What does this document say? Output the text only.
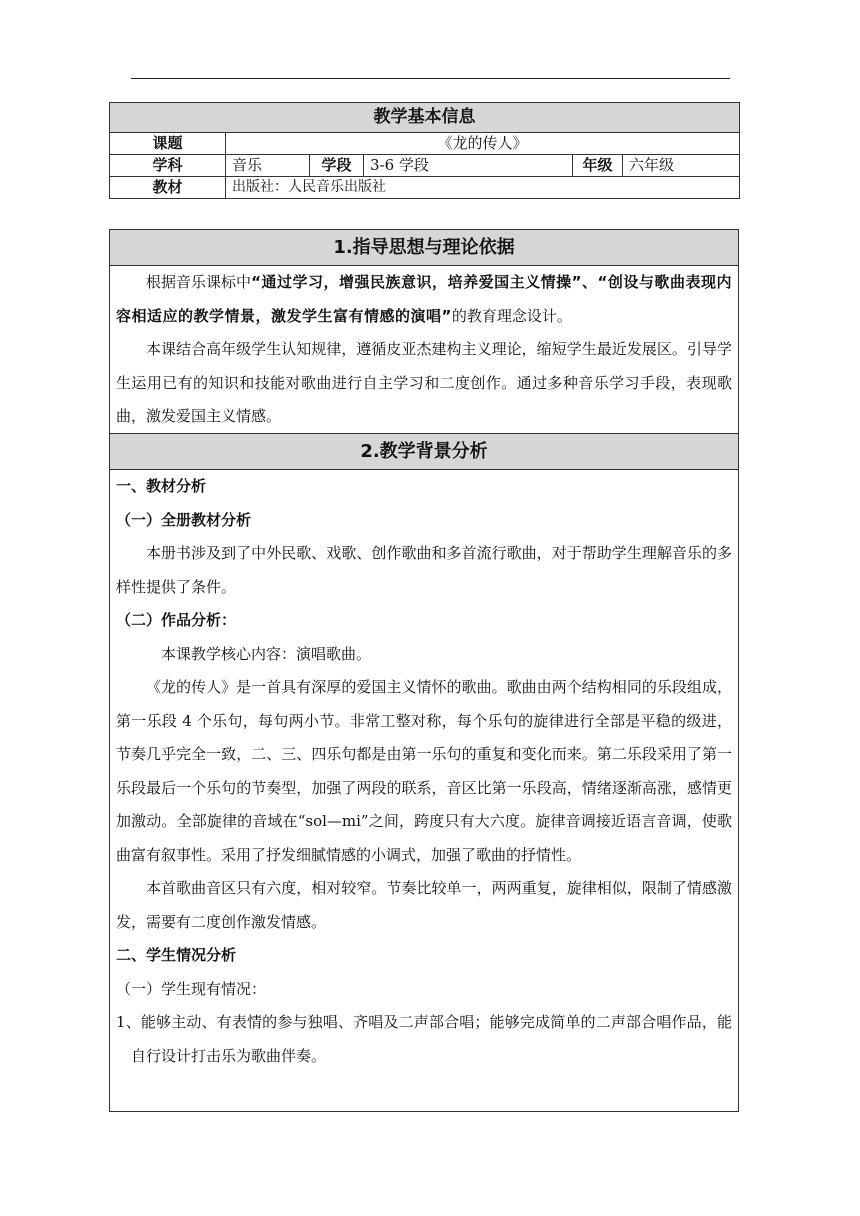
教学基本信息					
课题	《龙的传人》				
学科	音乐	学段	3-6 学段	年级	六年级
教材	出版社：人民音乐出版社				
1.指导思想与理论依据

根据音乐课标中“通过学习，增强民族意识，培养爱国主义情操”、“创设与歌曲表现内容相适应的教学情景，激发学生富有情感的演唱”的教育理念设计。

本课结合高年级学生认知规律，遵循皮亚杰建构主义理论，缩短学生最近发展区。引导学生运用已有的知识和技能对歌曲进行自主学习和二度创作。通过多种音乐学习手段，表现歌曲，激发爱国主义情感。

2.教学背景分析

一、教材分析

（一）全册教材分析

本册书涉及到了中外民歌、戏歌、创作歌曲和多首流行歌曲，对于帮助学生理解音乐的多样性提供了条件。

（二）作品分析：

本课教学核心内容：演唱歌曲。

《龙的传人》是一首具有深厚的爱国主义情怀的歌曲。歌曲由两个结构相同的乐段组成，第一乐段 4 个乐句，每句两小节。非常工整对称，每个乐句的旋律进行全部是平稳的级进，节奏几乎完全一致，二、三、四乐句都是由第一乐句的重复和变化而来。第二乐段采用了第一乐段最后一个乐句的节奏型，加强了两段的联系，音区比第一乐段高，情绪逐渐高涨，感情更加激动。全部旋律的音域在“sol—mi”之间，跨度只有大六度。旋律音调接近语言音调，使歌曲富有叙事性。采用了抒发细腻情感的小调式，加强了歌曲的抒情性。

本首歌曲音区只有六度，相对较窄。节奏比较单一，两两重复，旋律相似，限制了情感激发，需要有二度创作激发情感。

二、学生情况分析

（一）学生现有情况：

1、能够主动、有表情的参与独唱、齐唱及二声部合唱；能够完成简单的二声部合唱作品，能自行设计打击乐为歌曲伴奏。
